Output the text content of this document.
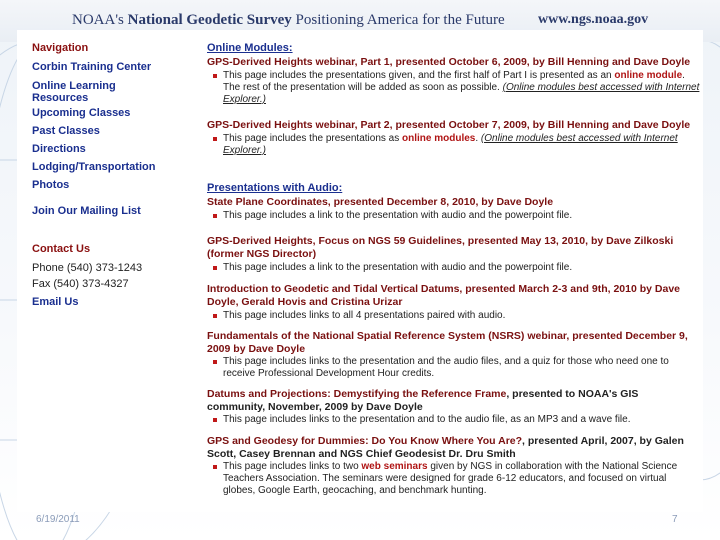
NOAA's National Geodetic Survey Positioning America for the Future www.ngs.noaa.gov
Navigation
Corbin Training Center
Online Learning
Resources
Upcoming Classes
Past Classes
Directions
Lodging/Transportation
Photos
Join Our Mailing List
Contact Us
Phone (540) 373-1243
Fax (540) 373-4327
Email Us
Online Modules:
GPS-Derived Heights webinar, Part 1, presented October 6, 2009, by Bill Henning and Dave Doyle
This page includes the presentations given, and the first half of Part I is presented as an online module. The rest of the presentation will be added as soon as possible. (Online modules best accessed with Internet Explorer.)
GPS-Derived Heights webinar, Part 2, presented October 7, 2009, by Bill Henning and Dave Doyle
This page includes the presentations as online modules. (Online modules best accessed with Internet Explorer.)
Presentations with Audio:
State Plane Coordinates, presented December 8, 2010, by Dave Doyle
This page includes a link to the presentation with audio and the powerpoint file.
GPS-Derived Heights, Focus on NGS 59 Guidelines, presented May 13, 2010, by Dave Zilkoski (former NGS Director)
This page includes a link to the presentation with audio and the powerpoint file.
Introduction to Geodetic and Tidal Vertical Datums, presented March 2-3 and 9th, 2010 by Dave Doyle, Gerald Hovis and Cristina Urizar
This page includes links to all 4 presentations paired with audio.
Fundamentals of the National Spatial Reference System (NSRS) webinar, presented December 9, 2009 by Dave Doyle
This page includes links to the presentation and the audio files, and a quiz for those who need one to receive Professional Development Hour credits.
Datums and Projections: Demystifying the Reference Frame, presented to NOAA's GIS community, November, 2009 by Dave Doyle
This page includes links to the presentation and to the audio file, as an MP3 and a wave file.
GPS and Geodesy for Dummies: Do You Know Where You Are?, presented April, 2007, by Galen Scott, Casey Brennan and NGS Chief Geodesist Dr. Dru Smith
This page includes links to two web seminars given by NGS in collaboration with the National Science Teachers Association. The seminars were designed for grade 6-12 educators, and focused on virtual globes, Google Earth, geocaching, and benchmark hunting.
6/19/2011	7
